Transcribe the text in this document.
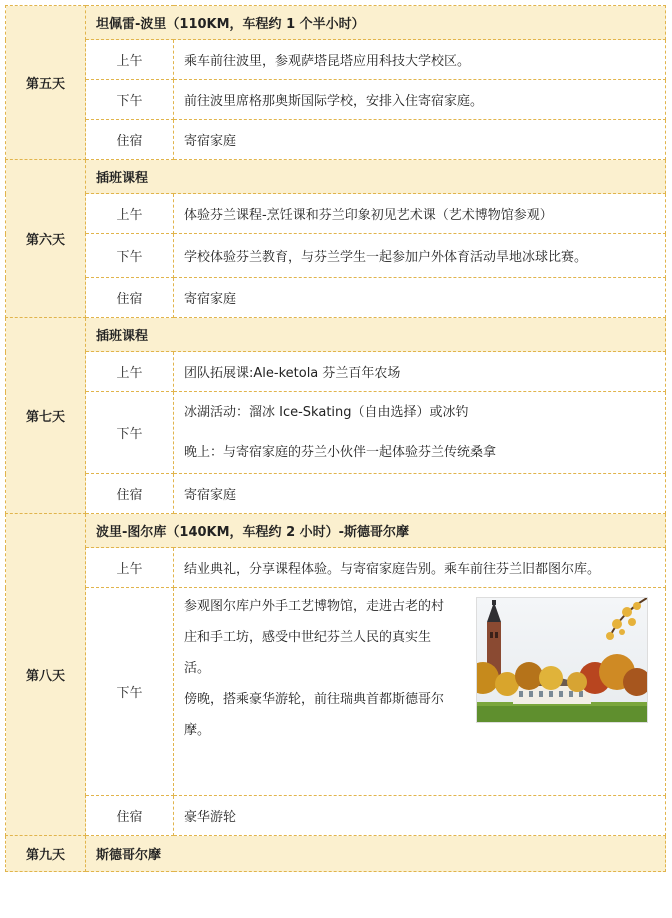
第五天	坦佩雷-波里（110KM，车程约 1 个半小时）	
	上午	乘车前往波里，参观萨塔昆塔应用科技大学校区。
	下午	前往波里席格那奥斯国际学校，安排入住寄宿家庭。
	住宿	寄宿家庭
第六天	插班课程	
	上午	体验芬兰课程-烹饪课和芬兰印象初见艺术课（艺术博物馆参观）
	下午	学校体验芬兰教育，与芬兰学生一起参加户外体育活动旱地冰球比赛。
	住宿	寄宿家庭
第七天	插班课程	
	上午	团队拓展课:Ale-ketola 芬兰百年农场
	下午	冰湖活动：溜冰 Ice-Skating（自由选择）或冰钓

晚上：与寄宿家庭的芬兰小伙伴一起体验芬兰传统桑拿

	住宿	寄宿家庭
第八天	波里-图尔库（140KM，车程约 2 小时）-斯德哥尔摩	
	上午	结业典礼，分享课程体验。与寄宿家庭告别。乘车前往芬兰旧都图尔库。
	下午	参观图尔库户外手工艺博物馆，走进古老的村

庄和手工坊，感受中世纪芬兰人民的真实生

活。

傍晚，搭乘豪华游轮，前往瑞典首都斯德哥尔

摩。

	住宿	豪华游轮
第九天	斯德哥尔摩	
